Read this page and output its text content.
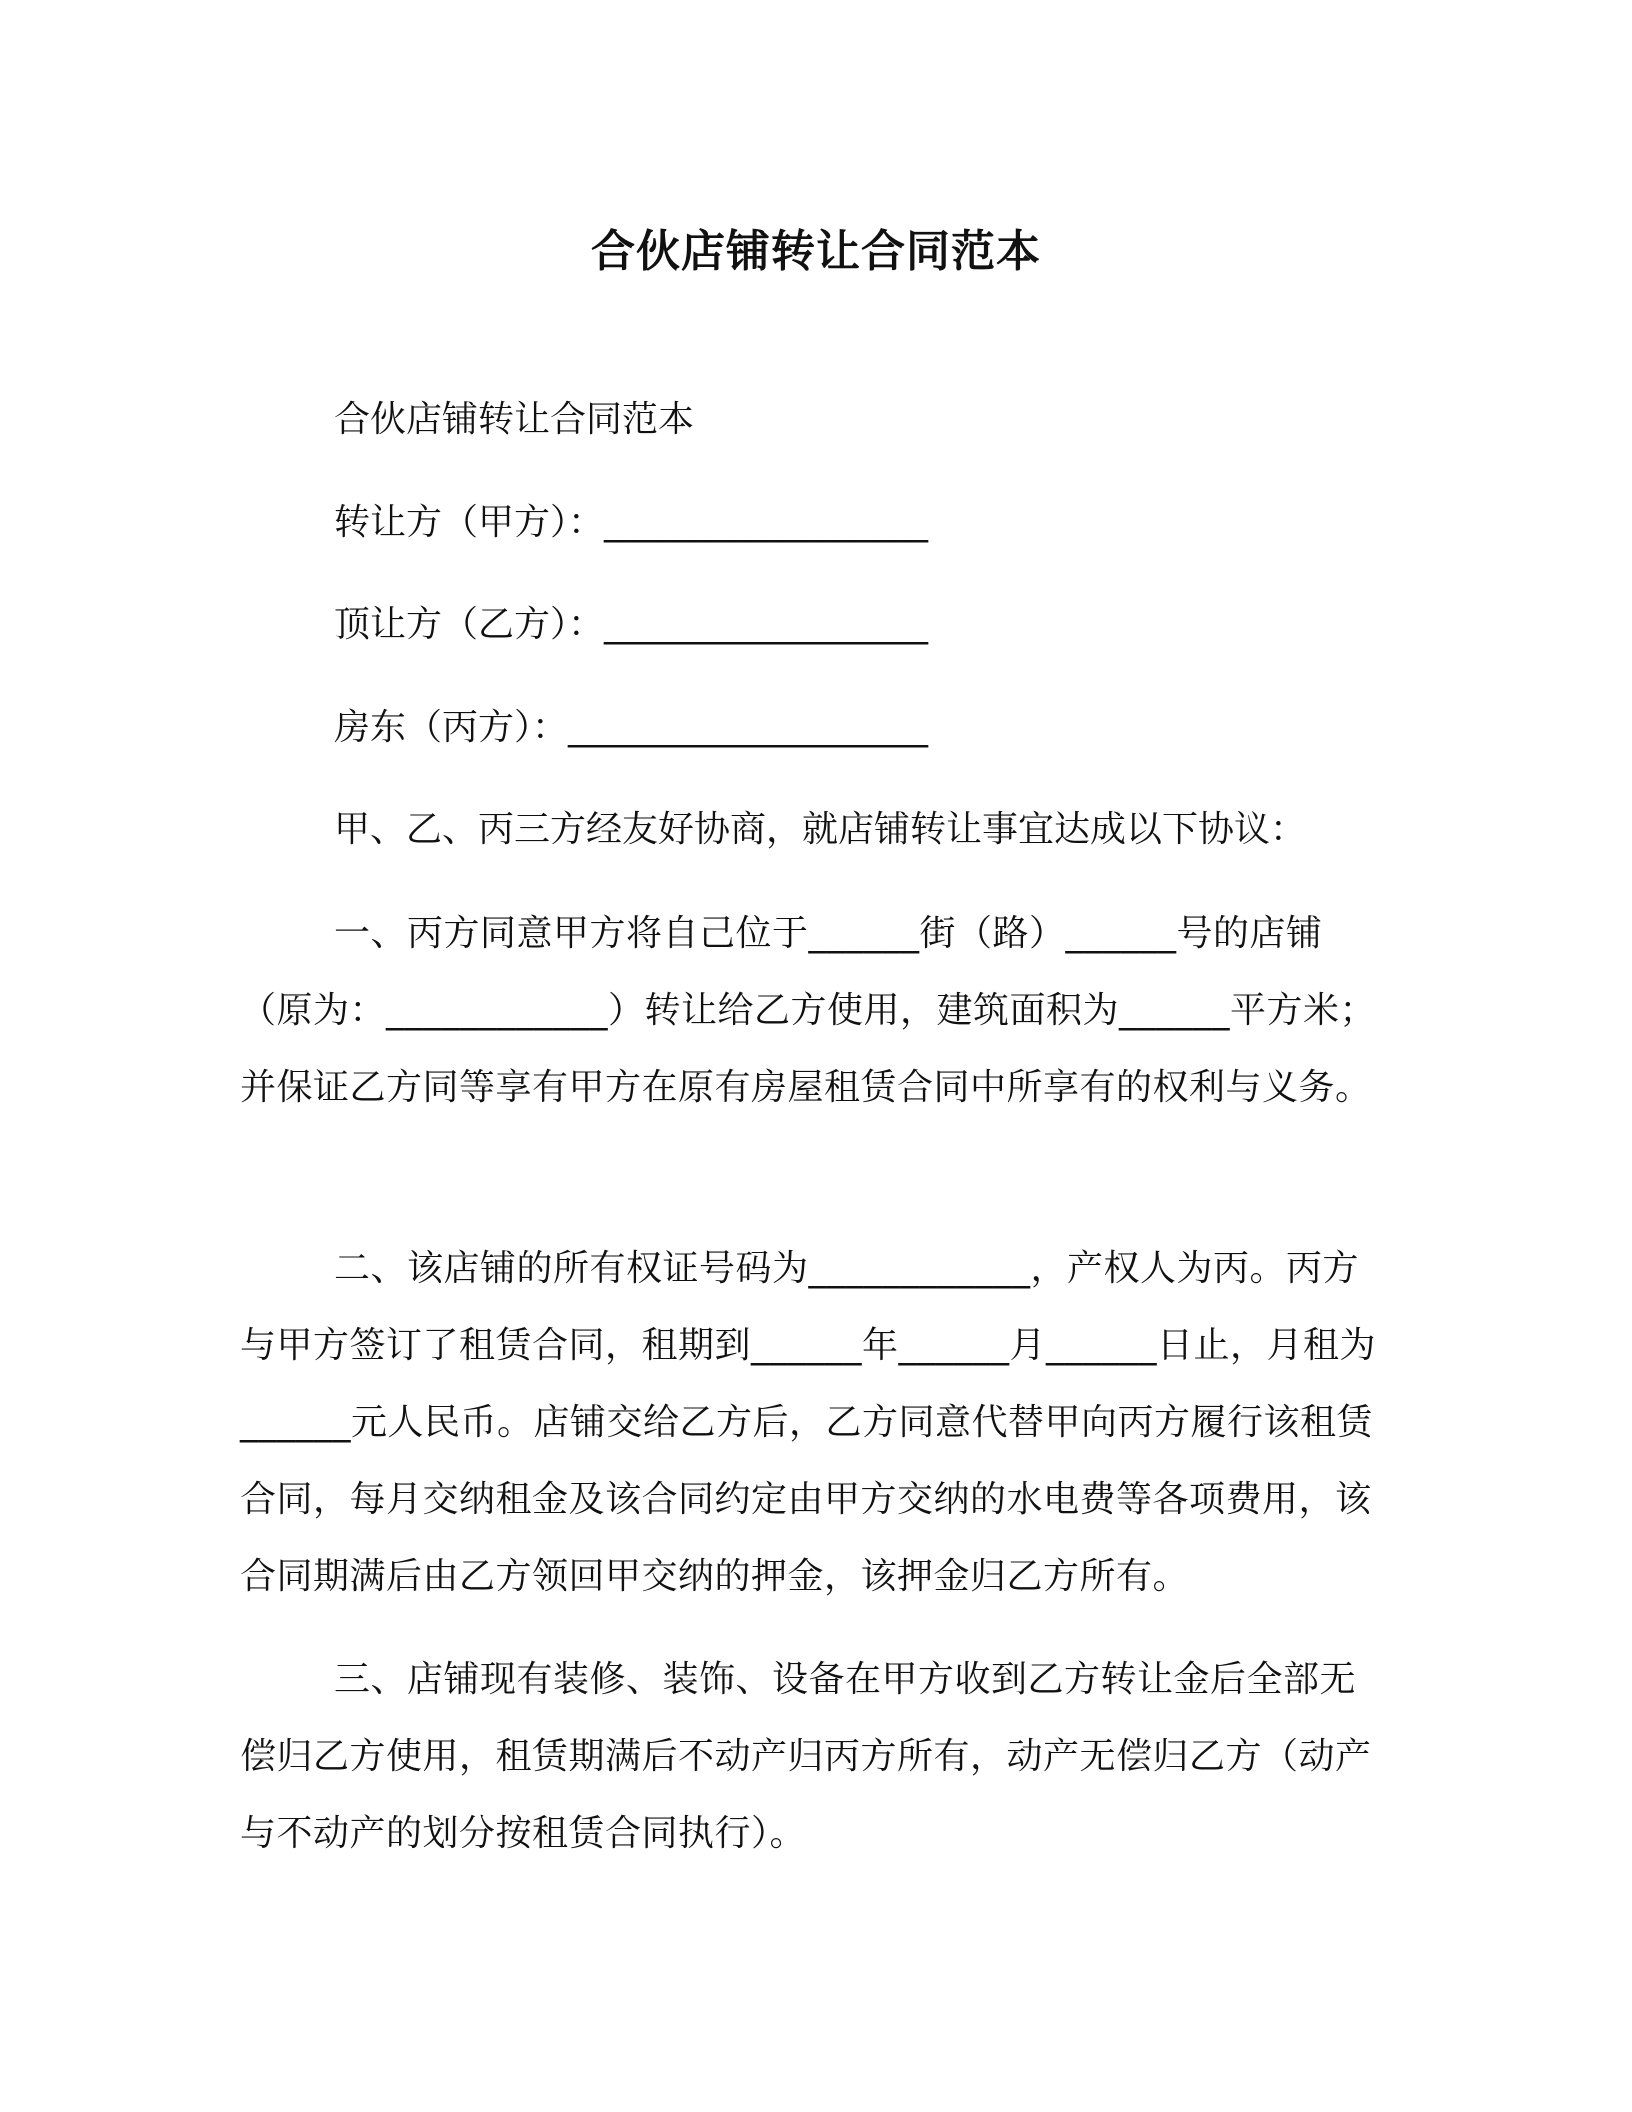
合伙店铺转让合同范本
合伙店铺转让合同范本
转让方（甲方）：__________________
顶让方（乙方）：__________________
房东（丙方）：____________________
甲、乙、丙三方经友好协商，就店铺转让事宜达成以下协议：
一、丙方同意甲方将自己位于______街（路）______号的店铺（原为：____________）转让给乙方使用，建筑面积为______平方米；并保证乙方同等享有甲方在原有房屋租赁合同中所享有的权利与义务。
二、该店铺的所有权证号码为____________，产权人为丙。丙方与甲方签订了租赁合同，租期到______年______月______日止，月租为______元人民币。店铺交给乙方后，乙方同意代替甲向丙方履行该租赁合同，每月交纳租金及该合同约定由甲方交纳的水电费等各项费用，该合同期满后由乙方领回甲交纳的押金，该押金归乙方所有。
三、店铺现有装修、装饰、设备在甲方收到乙方转让金后全部无偿归乙方使用，租赁期满后不动产归丙方所有，动产无偿归乙方（动产与不动产的划分按租赁合同执行）。
